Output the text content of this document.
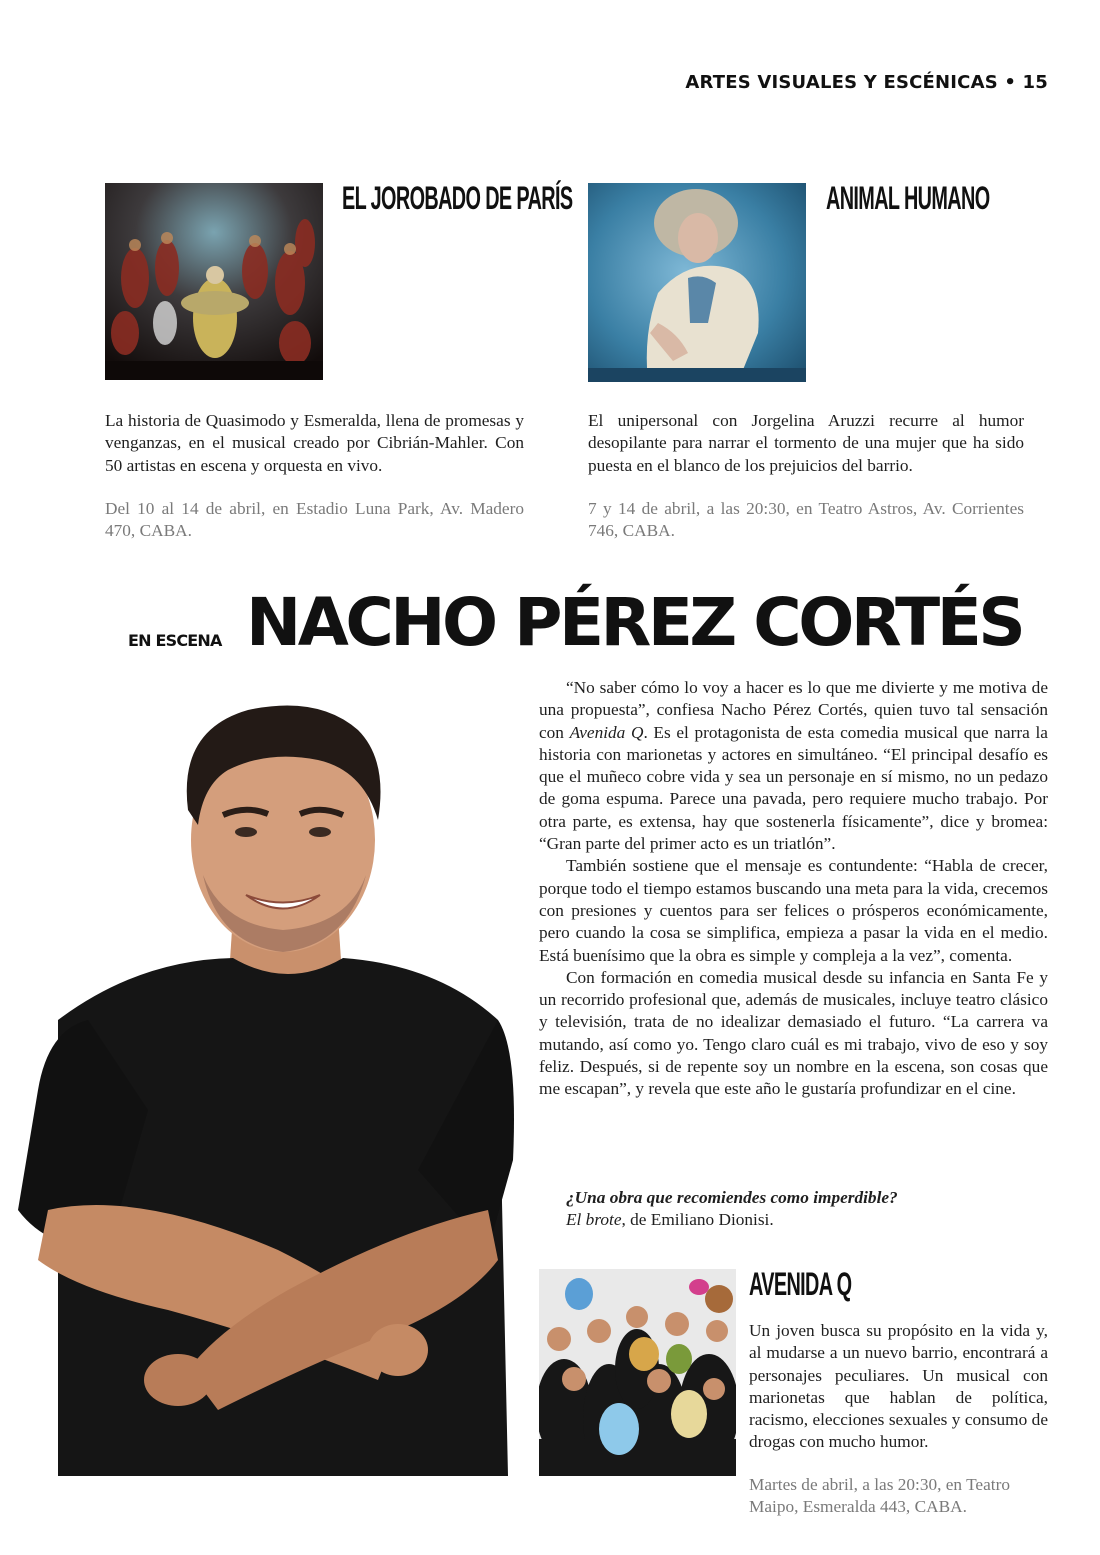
ARTES VISUALES Y ESCÉNICAS • 15
EL JOROBADO DE PARÍS

La historia de Quasimodo y Esmeralda, llena de promesas y venganzas, en el musical creado por Cibrián-Mahler. Con 50 artistas en escena y orquesta en vivo.

Del 10 al 14 de abril, en Estadio Luna Park, Av. Madero 470, CABA.

ANIMAL HUMANO

El unipersonal con Jorgelina Aruzzi recurre al humor desopilante para narrar el tormento de una mujer que ha sido puesta en el blanco de los prejuicios del barrio.

7 y 14 de abril, a las 20:30, en Teatro Astros, Av. Corrientes 746, CABA.

EN ESCENA NACHO PÉREZ CORTÉS

“No saber cómo lo voy a hacer es lo que me divierte y me motiva de una propuesta”, confiesa Nacho Pérez Cortés, quien tuvo tal sensación con Avenida Q. Es el protagonista de esta comedia musical que narra la historia con marionetas y actores en simultáneo. “El principal desafío es que el muñeco cobre vida y sea un personaje en sí mismo, no un pedazo de goma espuma. Parece una pavada, pero requiere mucho trabajo. Por otra parte, es extensa, hay que sostenerla físicamente”, dice y bromea: “Gran parte del primer acto es un triatlón”.

También sostiene que el mensaje es contundente: “Habla de crecer, porque todo el tiempo estamos buscando una meta para la vida, crecemos con presiones y cuentos para ser felices o prósperos económicamente, pero cuando la cosa se simplifica, empieza a pasar la vida en el medio. Está buenísimo que la obra es simple y compleja a la vez”, comenta.

Con formación en comedia musical desde su infancia en Santa Fe y un recorrido profesional que, además de musicales, incluye teatro clásico y televisión, trata de no idealizar demasiado el futuro. “La carrera va mutando, así como yo. Tengo claro cuál es mi trabajo, vivo de eso y soy feliz. Después, si de repente soy un nombre en la escena, son cosas que me escapan”, y revela que este año le gustaría profundizar en el cine.

¿Una obra que recomiendes como imperdible?
El brote, de Emiliano Dionisi.
AVENIDA Q

Un joven busca su propósito en la vida y, al mudarse a un nuevo barrio, encontrará a personajes peculiares. Un musical con marionetas que hablan de política, racismo, elecciones sexuales y consumo de drogas con mucho humor.

Martes de abril, a las 20:30, en Teatro Maipo, Esmeralda 443, CABA.
